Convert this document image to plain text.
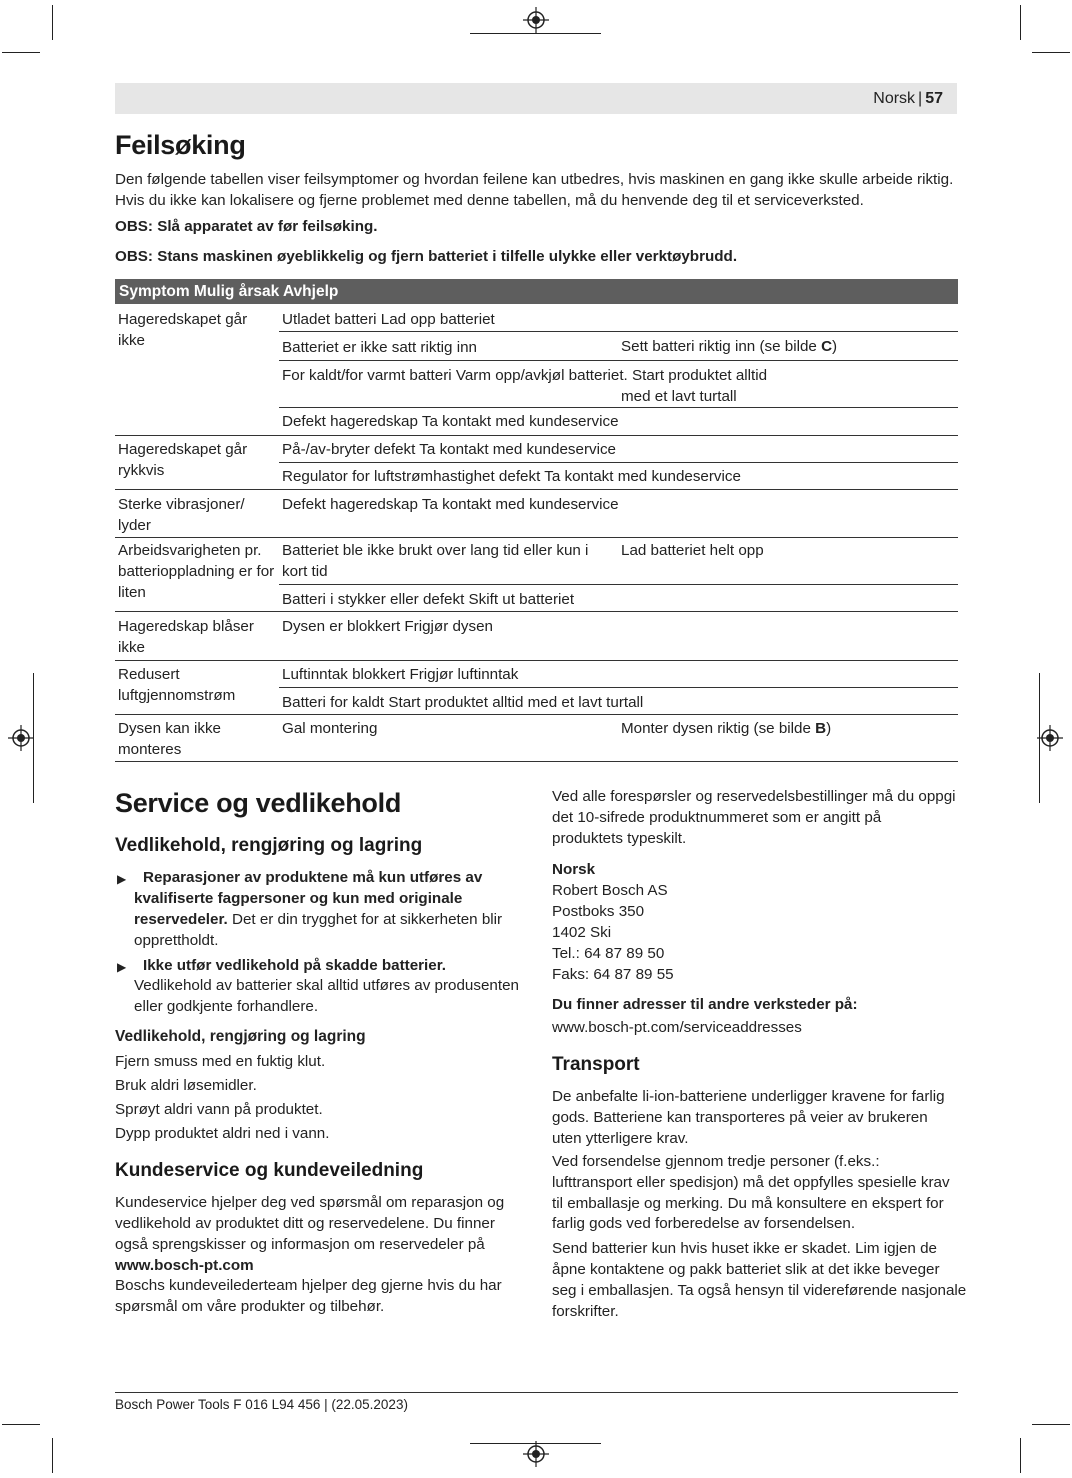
Norsk | 57
Feilsøking
Den følgende tabellen viser feilsymptomer og hvordan feilene kan utbedres, hvis maskinen en gang ikke skulle arbeide riktig.
Hvis du ikke kan lokalisere og fjerne problemet med denne tabellen, må du henvende deg til et serviceverksted.
OBS: Slå apparatet av før feilsøking.
OBS: Stans maskinen øyeblikkelig og fjern batteriet i tilfelle ulykke eller verktøybrudd.
Symptom Mulig årsak Avhjelp
Hageredskapet går
ikke
Utladet batteri Lad opp batteriet
Batteriet er ikke satt riktig inn	Sett batteri riktig inn (se bilde C)
For kaldt/for varmt batteri Varm opp/avkjøl batteriet. Start produktet alltid
med et lavt turtall
Defekt hageredskap Ta kontakt med kundeservice
Hageredskapet går
rykkvis
På-/av-bryter defekt Ta kontakt med kundeservice
Regulator for luftstrømhastighet defekt Ta kontakt med kundeservice
Sterke vibrasjoner/
lyder
Defekt hageredskap Ta kontakt med kundeservice
Arbeidsvarigheten pr.
batterioppladning er for
liten
Batteriet ble ikke brukt over lang tid eller kun i
kort tid
Lad batteriet helt opp
Batteri i stykker eller defekt Skift ut batteriet
Hageredskap blåser
ikke
Dysen er blokkert Frigjør dysen
Redusert
luftgjennomstrøm
Luftinntak blokkert Frigjør luftinntak
Batteri for kaldt Start produktet alltid med et lavt turtall
Dysen kan ikke
monteres
Gal montering	Monter dysen riktig (se bilde B)
Service og vedlikehold
Vedlikehold, rengjøring og lagring
▶ Reparasjoner av produktene må kun utføres av
kvalifiserte fagpersoner og kun med originale
reservedeler. Det er din trygghet for at sikkerheten blir
opprettholdt.
▶ Ikke utfør vedlikehold på skadde batterier.
Vedlikehold av batterier skal alltid utføres av produsenten
eller godkjente forhandlere.
Vedlikehold, rengjøring og lagring
Fjern smuss med en fuktig klut.
Bruk aldri løsemidler.
Sprøyt aldri vann på produktet.
Dypp produktet aldri ned i vann.
Kundeservice og kundeveiledning
Kundeservice hjelper deg ved spørsmål om reparasjon og
vedlikehold av produktet ditt og reservedelene. Du finner
også sprengskisser og informasjon om reservedeler på
www.bosch-pt.com
Boschs kundeveilederteam hjelper deg gjerne hvis du har
spørsmål om våre produkter og tilbehør.
Ved alle forespørsler og reservedelsbestillinger må du oppgi
det 10-sifrede produktnummeret som er angitt på
produktets typeskilt.
Norsk
Robert Bosch AS
Postboks 350
1402 Ski
Tel.: 64 87 89 50
Faks: 64 87 89 55
Du finner adresser til andre verksteder på:
www.bosch-pt.com/serviceaddresses
Transport
De anbefalte li-ion-batteriene underligger kravene for farlig
gods. Batteriene kan transporteres på veier av brukeren
uten ytterligere krav.
Ved forsendelse gjennom tredje personer (f.eks.:
lufttransport eller spedisjon) må det oppfylles spesielle krav
til emballasje og merking. Du må konsultere en ekspert for
farlig gods ved forberedelse av forsendelsen.
Send batterier kun hvis huset ikke er skadet. Lim igjen de
åpne kontaktene og pakk batteriet slik at det ikke beveger
seg i emballasjen. Ta også hensyn til videreførende nasjonale
forskrifter.
Bosch Power Tools F 016 L94 456 | (22.05.2023)
